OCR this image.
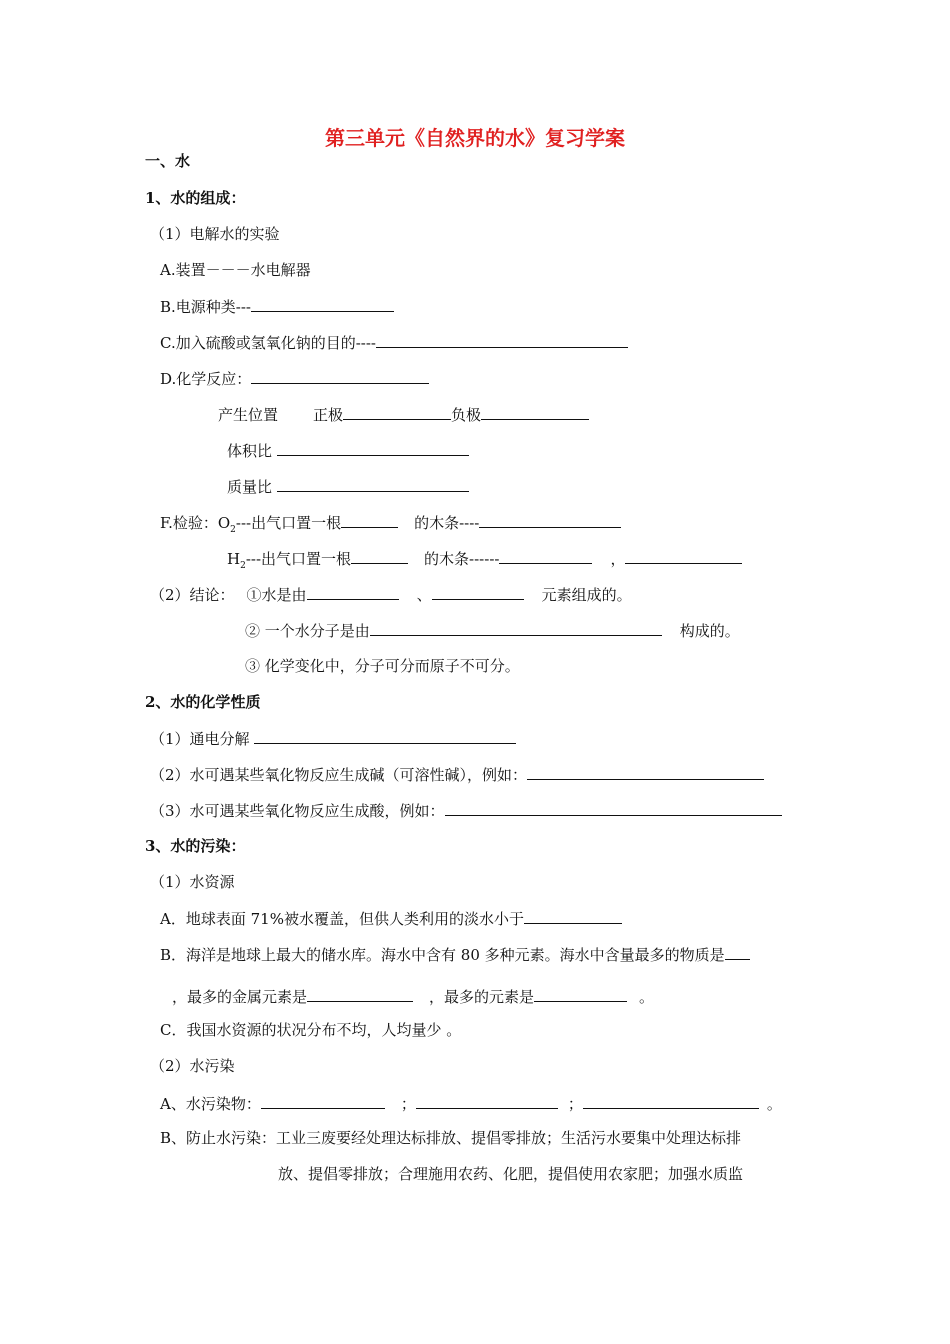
第三单元《自然界的水》复习学案
一、水
1、水的组成：
（1）电解水的实验
A.装置－－－水电解器
B.电源种类---
C.加入硫酸或氢氧化钠的目的----
D.化学反应：
产生位置 正极	负极
体积比
质量比
F.检验：$O_2---$出气口置一根	的木条----
$H_2---$出气口置一根	的木条------	，
（2）结论： ①水是由	、	元素组成的。
② 一个水分子是由	构成的。
③ 化学变化中，分子可分而原子不可分。
2、水的化学性质
（1）通电分解
（2）水可遇某些氧化物反应生成碱（可溶性碱），例如：
（3）水可遇某些氧化物反应生成酸，例如：
3、水的污染：
（1）水资源
A．地球表面 71%被水覆盖，但供人类利用的淡水小于
B．海洋是地球上最大的储水库。海水中含有 80 多种元素。海水中含量最多的物质是
，最多的金属元素是	，最多的元素是	。
C．我国水资源的状况分布不均，人均量少 。
（2）水污染
A、水污染物：	；	；	。
B、防止水污染：工业三废要经处理达标排放、提倡零排放；生活污水要集中处理达标排
放、提倡零排放；合理施用农药、化肥，提倡使用农家肥；加强水质监
